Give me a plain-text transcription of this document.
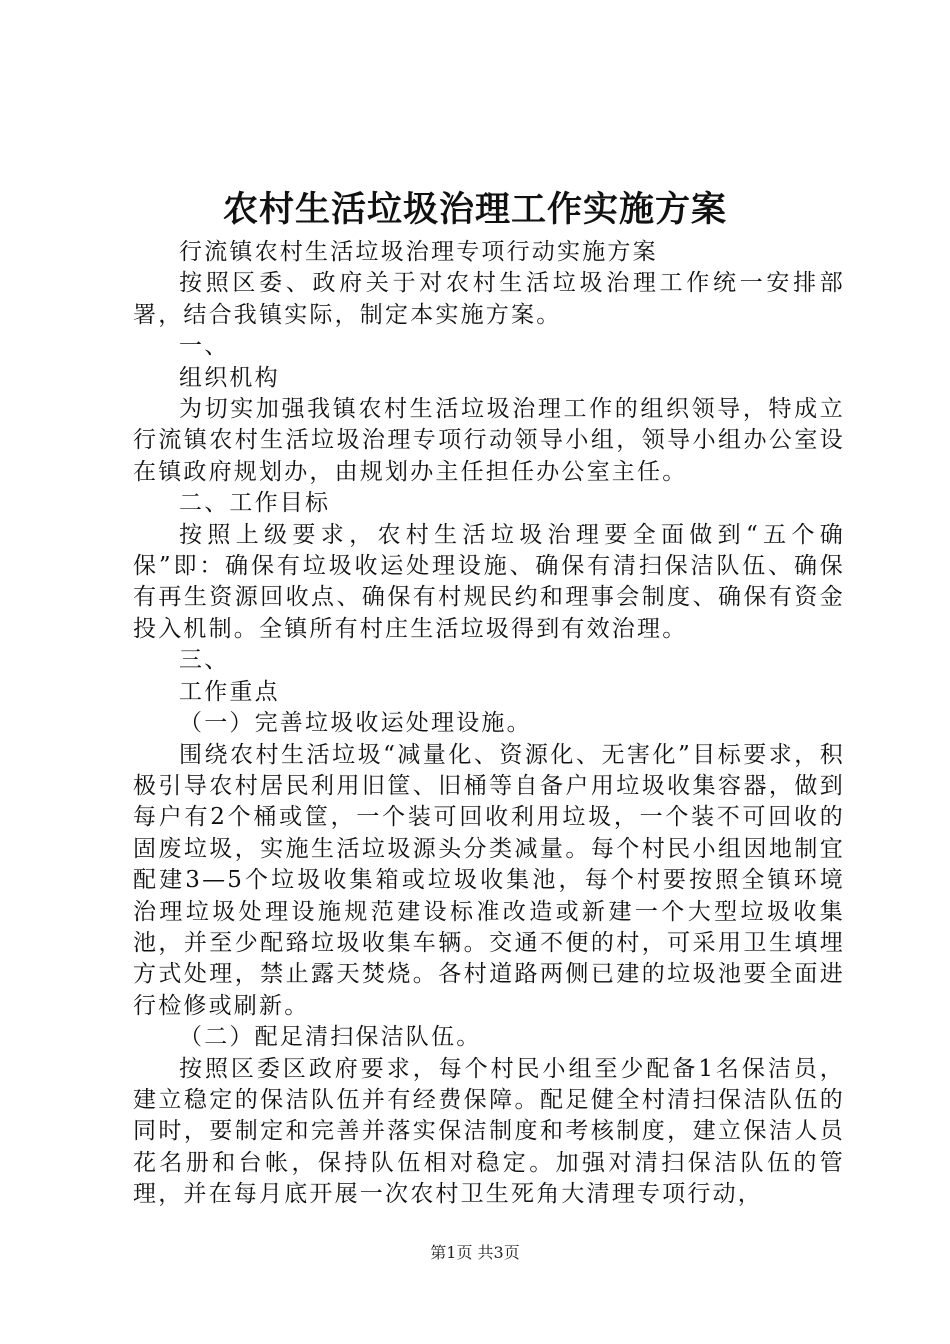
农村生活垃圾治理工作实施方案

行流镇农村生活垃圾治理专项行动实施方案

按照区委、政府关于对农村生活垃圾治理工作统一安排部署，结合我镇实际，制定本实施方案。

一、

组织机构

为切实加强我镇农村生活垃圾治理工作的组织领导，特成立行流镇农村生活垃圾治理专项行动领导小组，领导小组办公室设在镇政府规划办，由规划办主任担任办公室主任。

二、工作目标

按照上级要求，农村生活垃圾治理要全面做到“五个确保”即：确保有垃圾收运处理设施、确保有清扫保洁队伍、确保有再生资源回收点、确保有村规民约和理事会制度、确保有资金投入机制。全镇所有村庄生活垃圾得到有效治理。

三、

工作重点

（一）完善垃圾收运处理设施。

围绕农村生活垃圾“减量化、资源化、无害化”目标要求，积极引导农村居民利用旧筐、旧桶等自备户用垃圾收集容器，做到每户有2个桶或筐，一个装可回收利用垃圾，一个装不可回收的固废垃圾，实施生活垃圾源头分类减量。每个村民小组因地制宜配建3—5个垃圾收集箱或垃圾收集池，每个村要按照全镇环境治理垃圾处理设施规范建设标准改造或新建一个大型垃圾收集池，并至少配臵垃圾收集车辆。交通不便的村，可采用卫生填埋方式处理，禁止露天焚烧。各村道路两侧已建的垃圾池要全面进行检修或刷新。

（二）配足清扫保洁队伍。

按照区委区政府要求，每个村民小组至少配备1名保洁员，建立稳定的保洁队伍并有经费保障。配足健全村清扫保洁队伍的同时，要制定和完善并落实保洁制度和考核制度，建立保洁人员花名册和台帐，保持队伍相对稳定。加强对清扫保洁队伍的管理，并在每月底开展一次农村卫生死角大清理专项行动，

第1页 共3页
